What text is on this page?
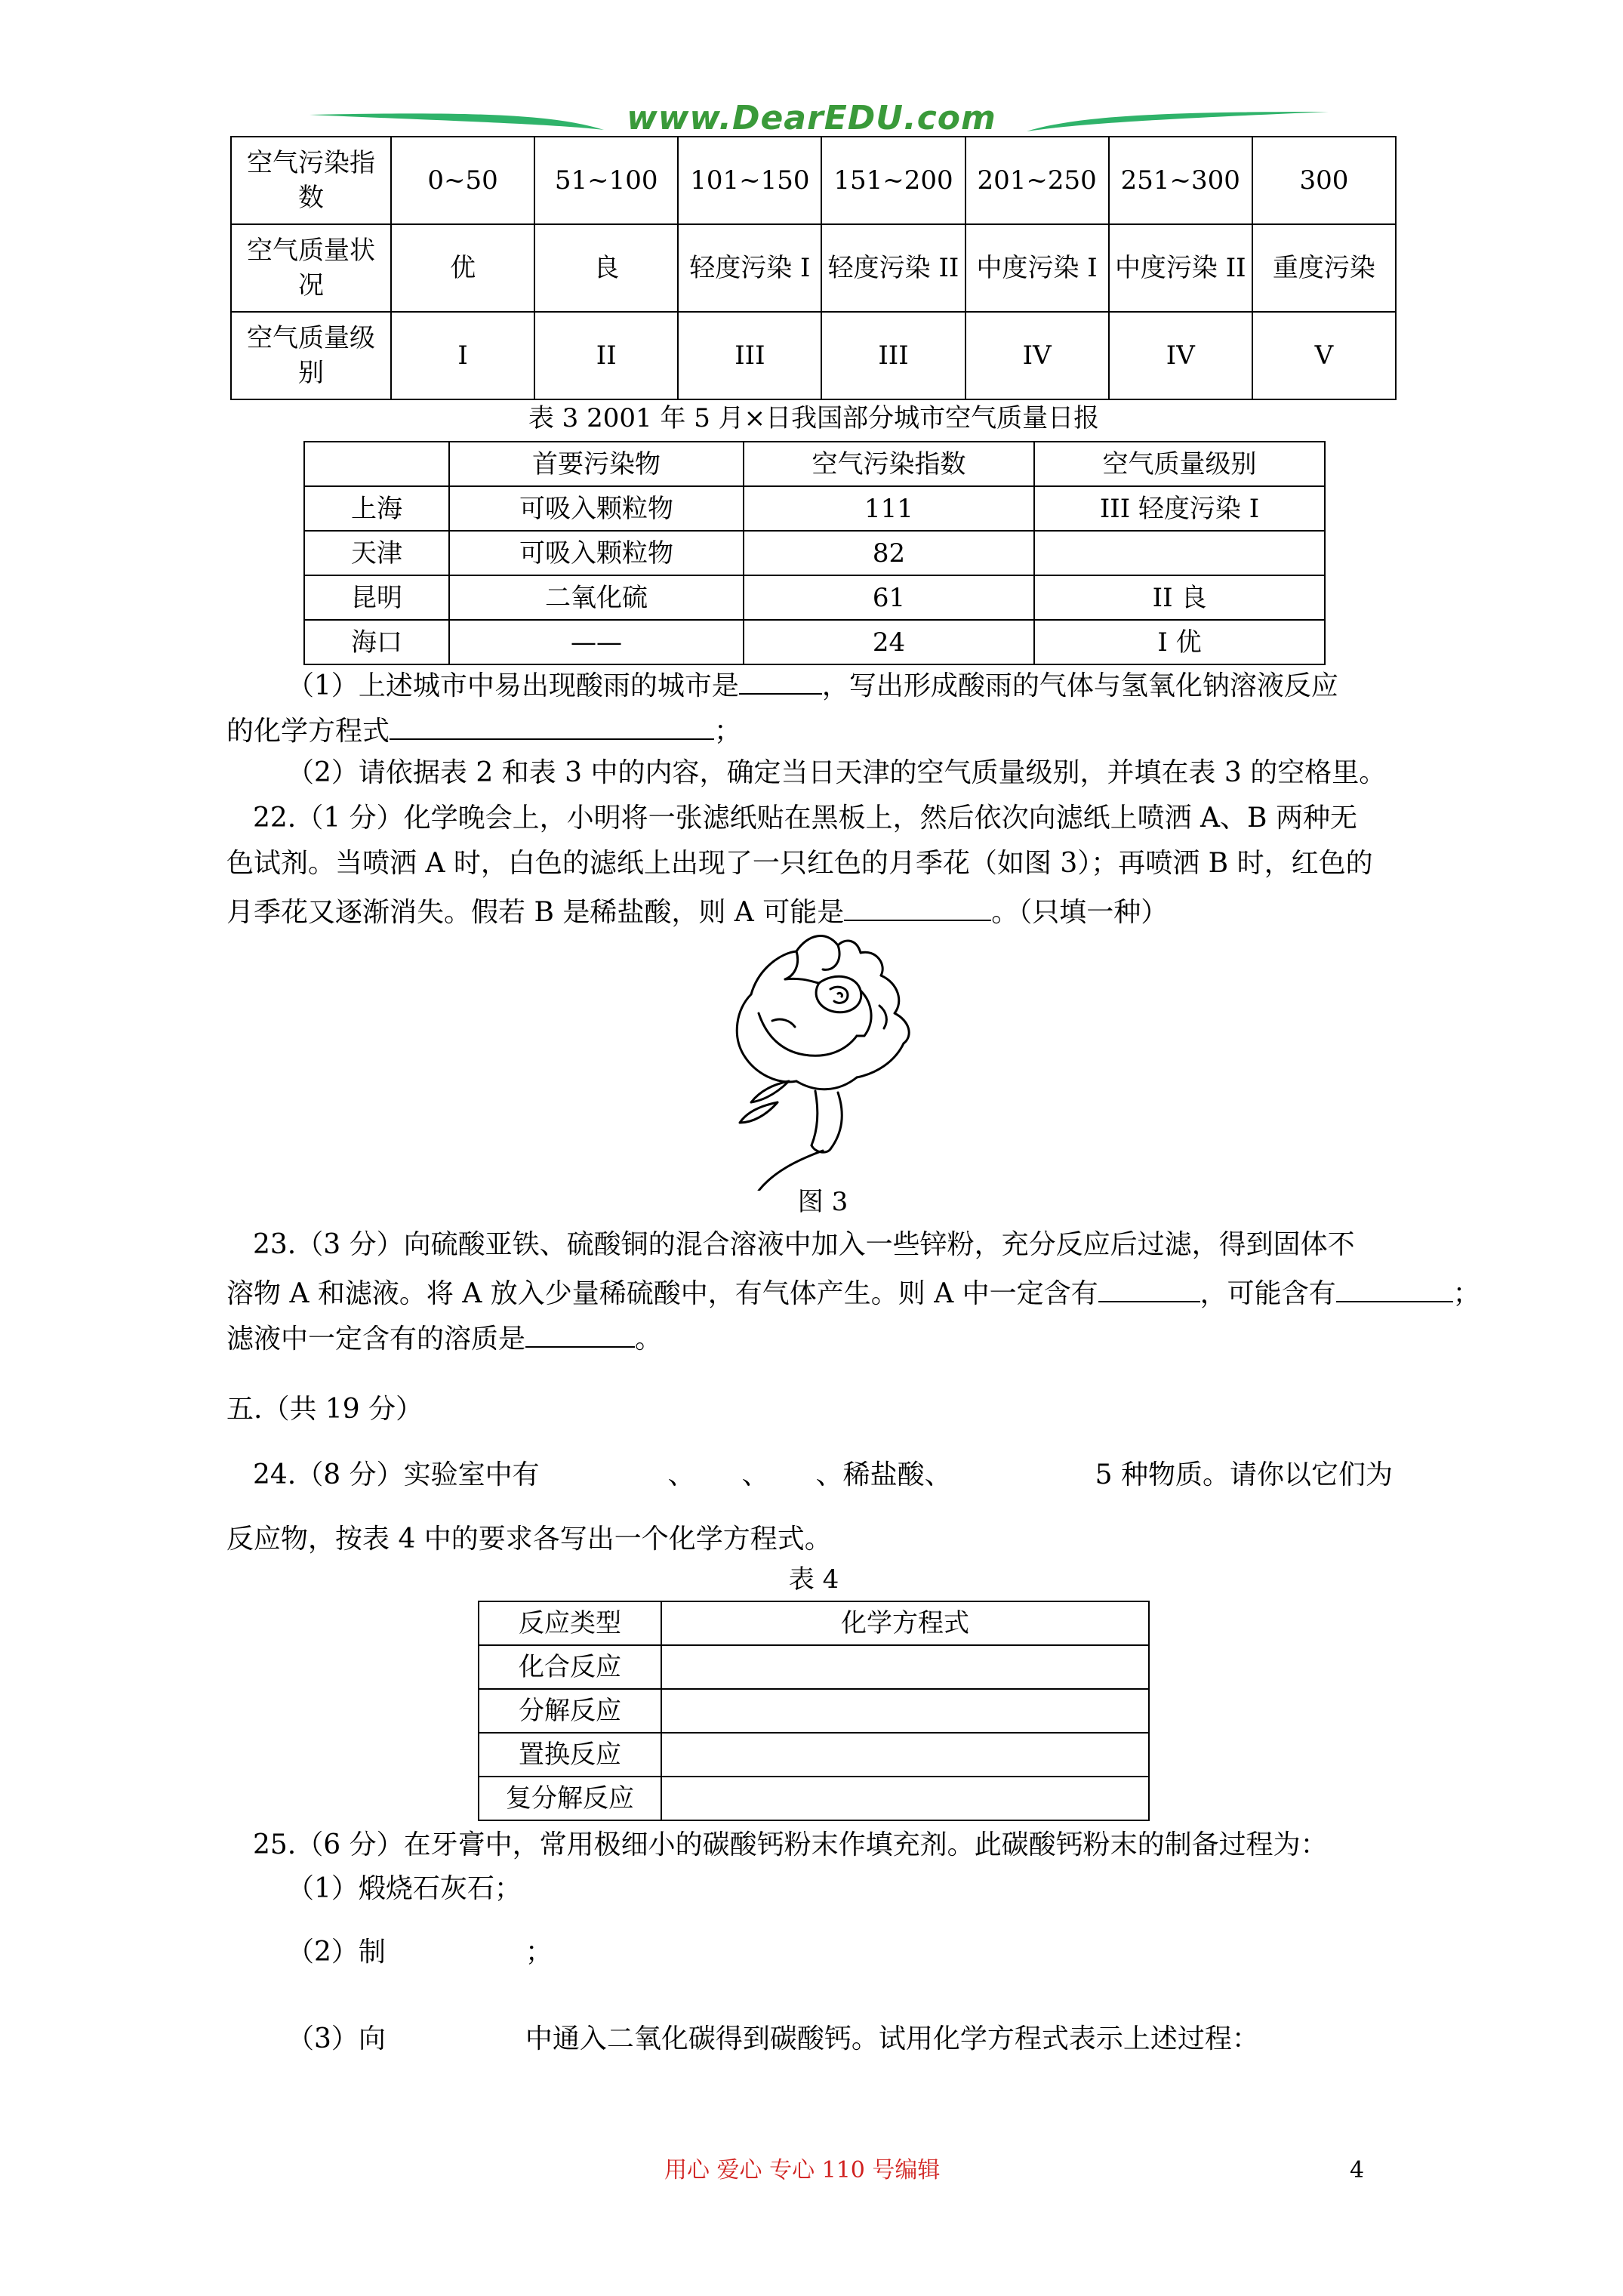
www.DearEDU.com
空气污染指数	0~50	51~100	101~150	151~200	201~250	251~300	300
空气质量状况	优	良	轻度污染 I	轻度污染 II	中度污染 I	中度污染 II	重度污染
空气质量级别	I	II	III	III	IV	IV	V
表 3 2001 年 5 月×日我国部分城市空气质量日报
	首要污染物	空气污染指数	空气质量级别
上海	可吸入颗粒物	111	III 轻度污染 I
天津	可吸入颗粒物	82	
昆明	二氧化硫	61	II 良
海口	——	24	I 优
（1）上述城市中易出现酸雨的城市是	，写出形成酸雨的气体与氢氧化钠溶液反应
的化学方程式	；
（2）请依据表 2 和表 3 中的内容，确定当日天津的空气质量级别，并填在表 3 的空格里。
22.（1 分）化学晚会上，小明将一张滤纸贴在黑板上，然后依次向滤纸上喷洒 A、B 两种无
色试剂。当喷洒 A 时，白色的滤纸上出现了一只红色的月季花（如图 3）；再喷洒 B 时，红色的
月季花又逐渐消失。假若 B 是稀盐酸，则 A 可能是	。（只填一种）
图 3
23.（3 分）向硫酸亚铁、硫酸铜的混合溶液中加入一些锌粉，充分反应后过滤，得到固体不
溶物 A 和滤液。将 A 放入少量稀硫酸中，有气体产生。则 A 中一定含有	，可能含有	；
滤液中一定含有的溶质是	。
五.（共 19 分）
24.（8 分）实验室中有	、 、 、稀盐酸、	5 种物质。请你以它们为
反应物，按表 4 中的要求各写出一个化学方程式。
表 4
反应类型	化学方程式
化合反应	
分解反应	
置换反应	
复分解反应	
25.（6 分）在牙膏中，常用极细小的碳酸钙粉末作填充剂。此碳酸钙粉末的制备过程为：
（1）煅烧石灰石；
（2）制	；
（3）向	中通入二氧化碳得到碳酸钙。试用化学方程式表示上述过程：
用心 爱心 专心 110 号编辑	4
